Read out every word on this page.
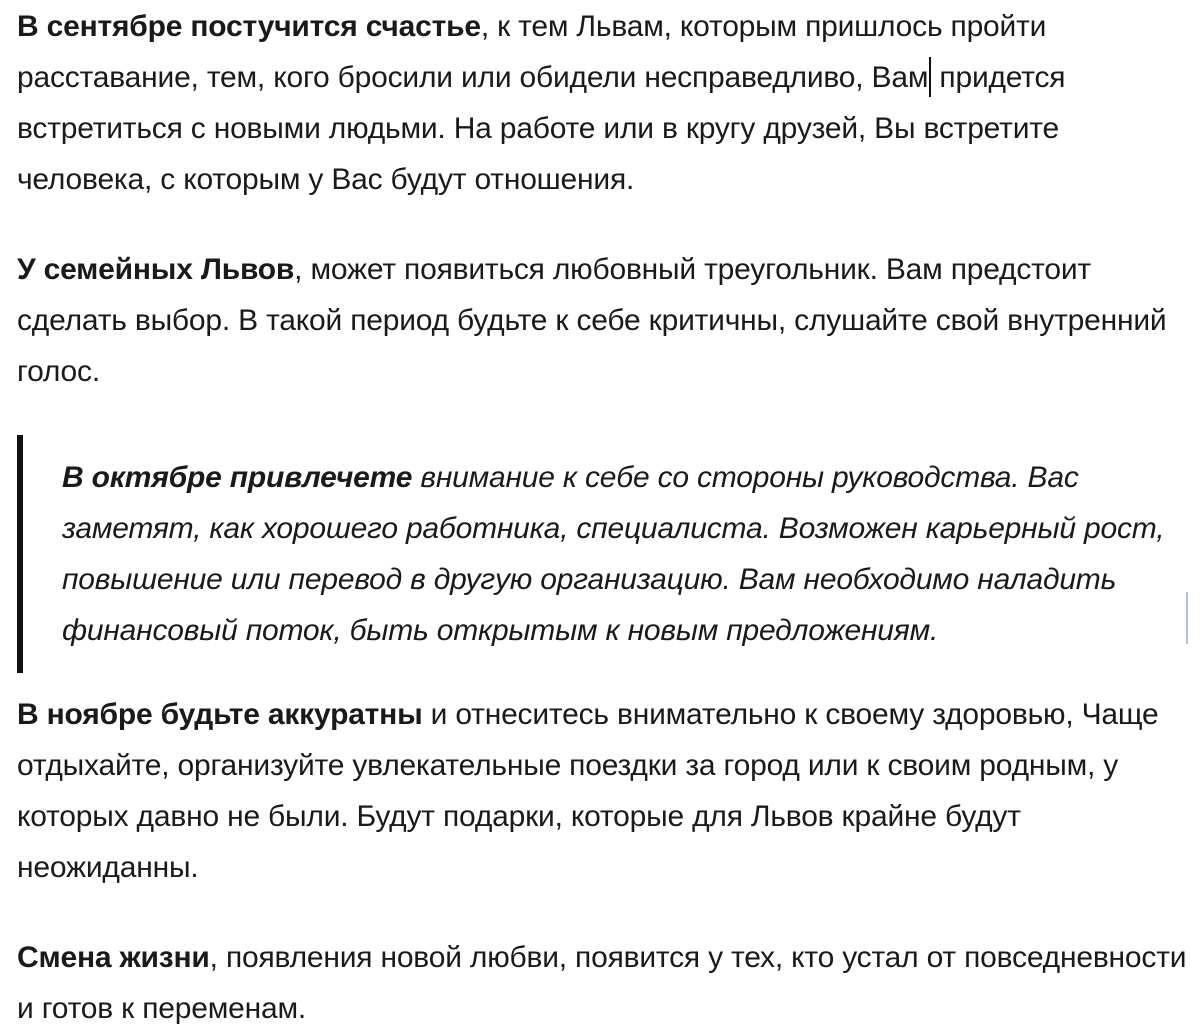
В сентябре постучится счастье, к тем Львам, которым пришлось пройти расставание, тем, кого бросили или обидели несправедливо, Вам придется встретиться с новыми людьми. На работе или в кругу друзей, Вы встретите человека, с которым у Вас будут отношения.

У семейных Львов, может появиться любовный треугольник. Вам предстоит сделать выбор. В такой период будьте к себе критичны, слушайте свой внутренний голос.

В октябре привлечете внимание к себе со стороны руководства. Вас заметят, как хорошего работника, специалиста. Возможен карьерный рост, повышение или перевод в другую организацию. Вам необходимо наладить финансовый поток, быть открытым к новым предложениям.

В ноябре будьте аккуратны и отнеситесь внимательно к своему здоровью, Чаще отдыхайте, организуйте увлекательные поездки за город или к своим родным, у которых давно не были. Будут подарки, которые для Львов крайне будут неожиданны.

Смена жизни, появления новой любви, появится у тех, кто устал от повседневности и готов к переменам.
